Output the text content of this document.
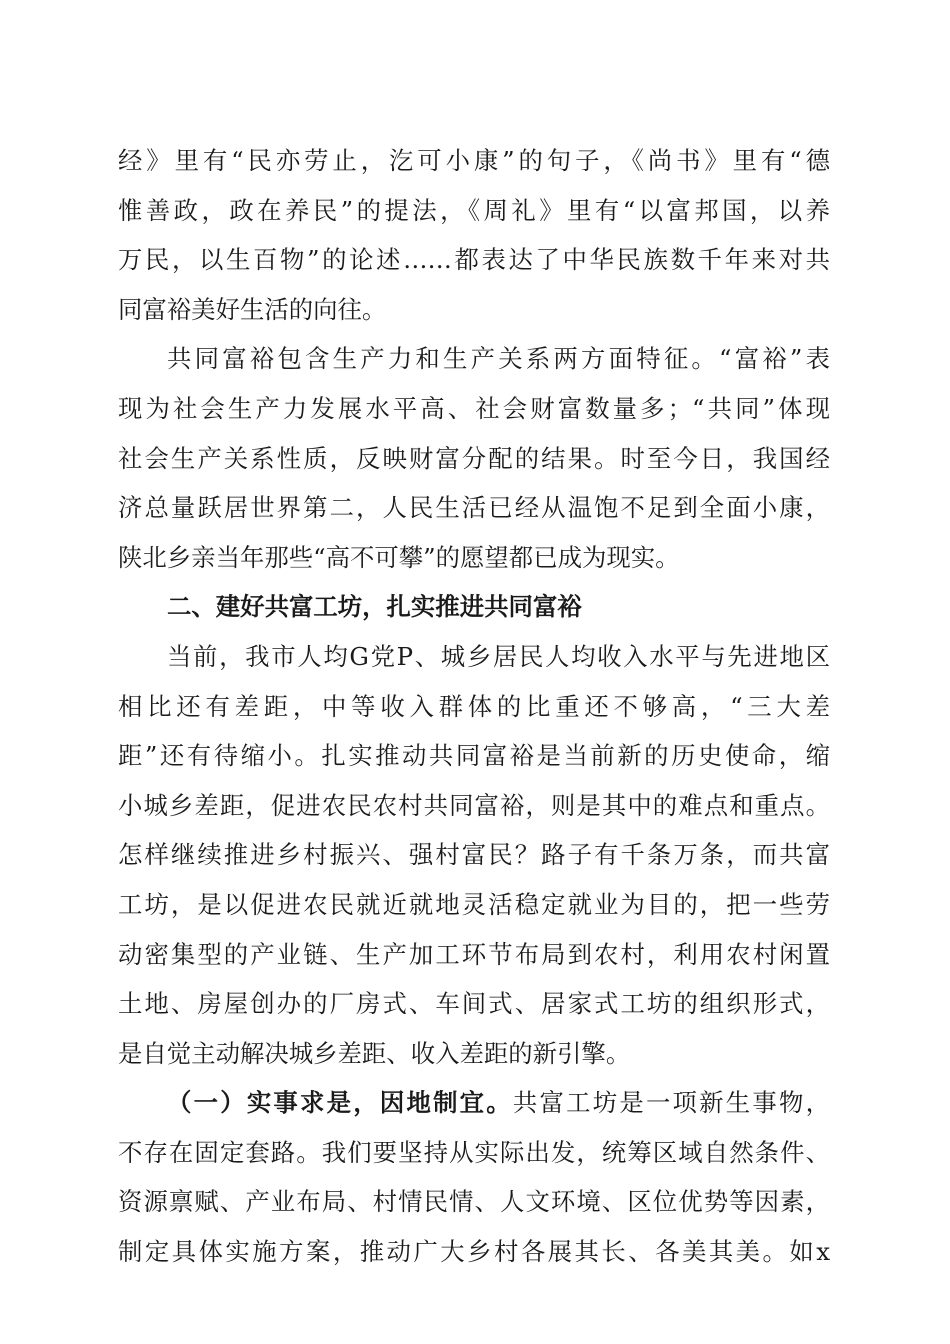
经》里有“民亦劳止，汔可小康”的句子，《尚书》里有“德
惟善政，政在养民”的提法，《周礼》里有“以富邦国，以养
万民，以生百物”的论述……都表达了中华民族数千年来对共
同富裕美好生活的向往。
共同富裕包含生产力和生产关系两方面特征。“富裕”表
现为社会生产力发展水平高、社会财富数量多；“共同”体现
社会生产关系性质，反映财富分配的结果。时至今日，我国经
济总量跃居世界第二，人民生活已经从温饱不足到全面小康，
陕北乡亲当年那些“高不可攀”的愿望都已成为现实。
二、建好共富工坊，扎实推进共同富裕
当前，我市人均G党P、城乡居民人均收入水平与先进地区
相比还有差距，中等收入群体的比重还不够高，“三大差
距”还有待缩小。扎实推动共同富裕是当前新的历史使命，缩
小城乡差距，促进农民农村共同富裕，则是其中的难点和重点。
怎样继续推进乡村振兴、强村富民？路子有千条万条，而共富
工坊，是以促进农民就近就地灵活稳定就业为目的，把一些劳
动密集型的产业链、生产加工环节布局到农村，利用农村闲置
土地、房屋创办的厂房式、车间式、居家式工坊的组织形式，
是自觉主动解决城乡差距、收入差距的新引擎。
（一）实事求是，因地制宜。共富工坊是一项新生事物，
不存在固定套路。我们要坚持从实际出发，统筹区域自然条件、
资源禀赋、产业布局、村情民情、人文环境、区位优势等因素，
制定具体实施方案，推动广大乡村各展其长、各美其美。如x
